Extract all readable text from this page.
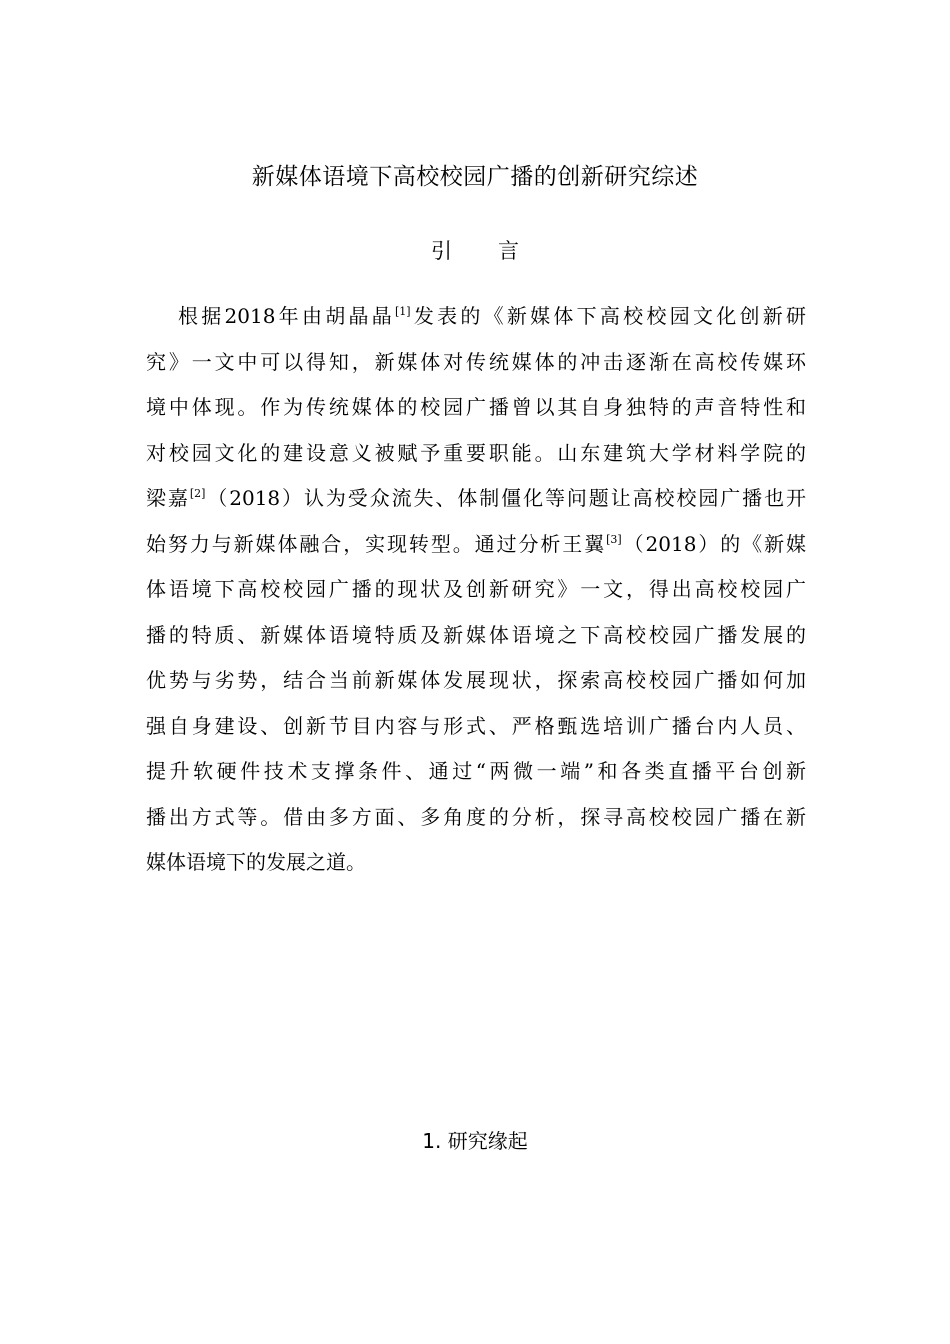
新媒体语境下高校校园广播的创新研究综述
引 言
根据2018年由胡晶晶[1]发表的《新媒体下高校校园文化创新研
究》一文中可以得知，新媒体对传统媒体的冲击逐渐在高校传媒环
境中体现。作为传统媒体的校园广播曾以其自身独特的声音特性和
对校园文化的建设意义被赋予重要职能。山东建筑大学材料学院的
梁嘉[2]（2018）认为受众流失、体制僵化等问题让高校校园广播也开
始努力与新媒体融合，实现转型。通过分析王翼[3]（2018）的《新媒
体语境下高校校园广播的现状及创新研究》一文，得出高校校园广
播的特质、新媒体语境特质及新媒体语境之下高校校园广播发展的
优势与劣势，结合当前新媒体发展现状，探索高校校园广播如何加
强自身建设、创新节目内容与形式、严格甄选培训广播台内人员、
提升软硬件技术支撑条件、通过“两微一端”和各类直播平台创新
播出方式等。借由多方面、多角度的分析，探寻高校校园广播在新
媒体语境下的发展之道。
1. 研究缘起
